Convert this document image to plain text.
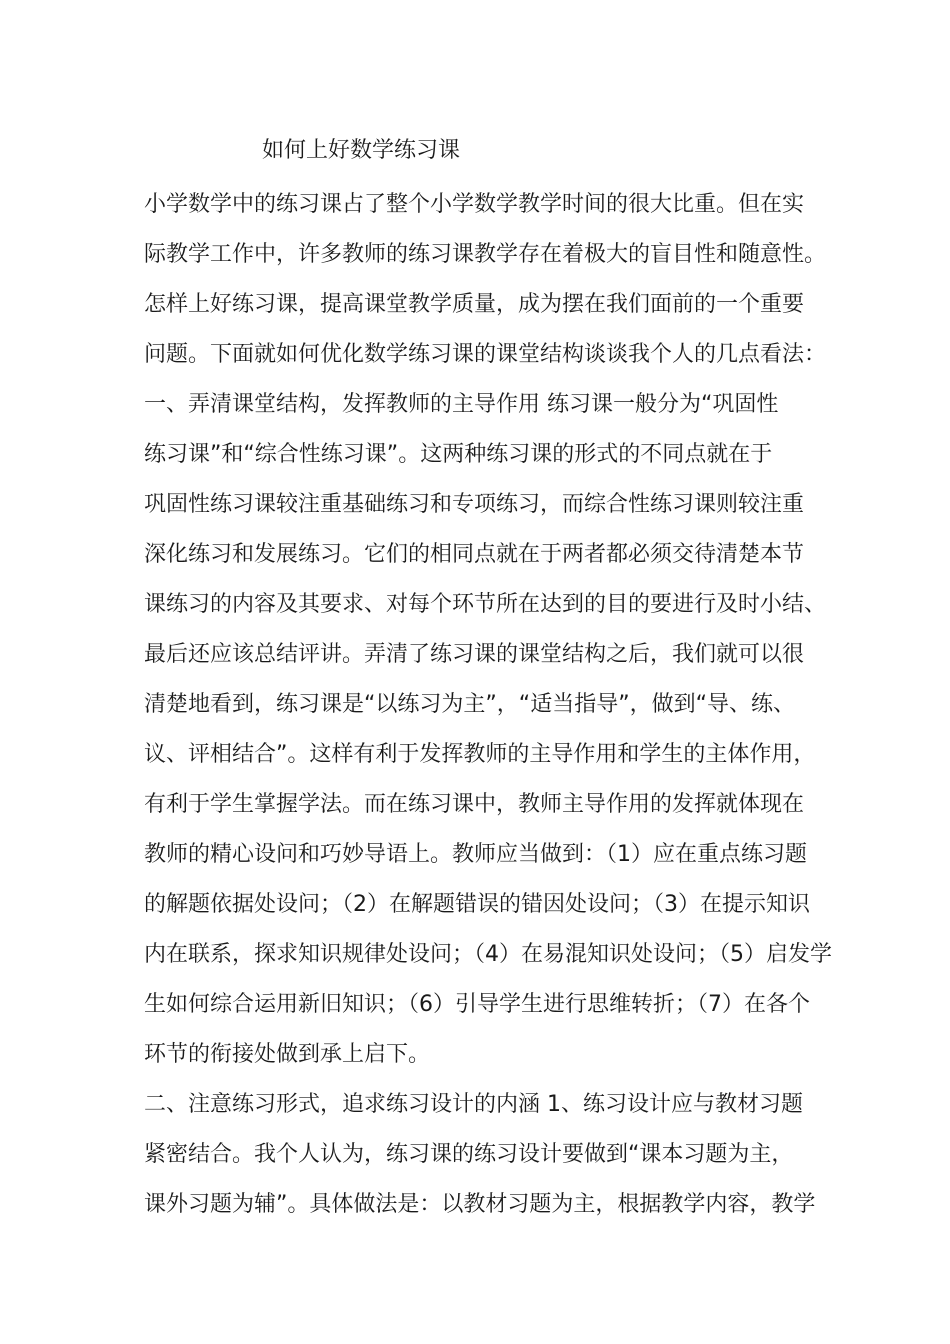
如何上好数学练习课
小学数学中的练习课占了整个小学数学教学时间的很大比重。但在实
际教学工作中，许多教师的练习课教学存在着极大的盲目性和随意性。
怎样上好练习课，提高课堂教学质量，成为摆在我们面前的一个重要
问题。下面就如何优化数学练习课的课堂结构谈谈我个人的几点看法：
一、弄清课堂结构，发挥教师的主导作用 练习课一般分为“巩固性
练习课”和“综合性练习课”。这两种练习课的形式的不同点就在于
巩固性练习课较注重基础练习和专项练习，而综合性练习课则较注重
深化练习和发展练习。它们的相同点就在于两者都必须交待清楚本节
课练习的内容及其要求、对每个环节所在达到的目的要进行及时小结、
最后还应该总结评讲。弄清了练习课的课堂结构之后，我们就可以很
清楚地看到，练习课是“以练习为主”，“适当指导”，做到“导、练、
议、评相结合”。这样有利于发挥教师的主导作用和学生的主体作用，
有利于学生掌握学法。而在练习课中，教师主导作用的发挥就体现在
教师的精心设问和巧妙导语上。教师应当做到：（1）应在重点练习题
的解题依据处设问；（2）在解题错误的错因处设问；（3）在提示知识
内在联系，探求知识规律处设问；（4）在易混知识处设问；（5）启发学
生如何综合运用新旧知识；（6）引导学生进行思维转折；（7）在各个
环节的衔接处做到承上启下。
二、注意练习形式，追求练习设计的内涵 1、练习设计应与教材习题
紧密结合。我个人认为，练习课的练习设计要做到“课本习题为主，
课外习题为辅”。具体做法是：以教材习题为主，根据教学内容，教学
